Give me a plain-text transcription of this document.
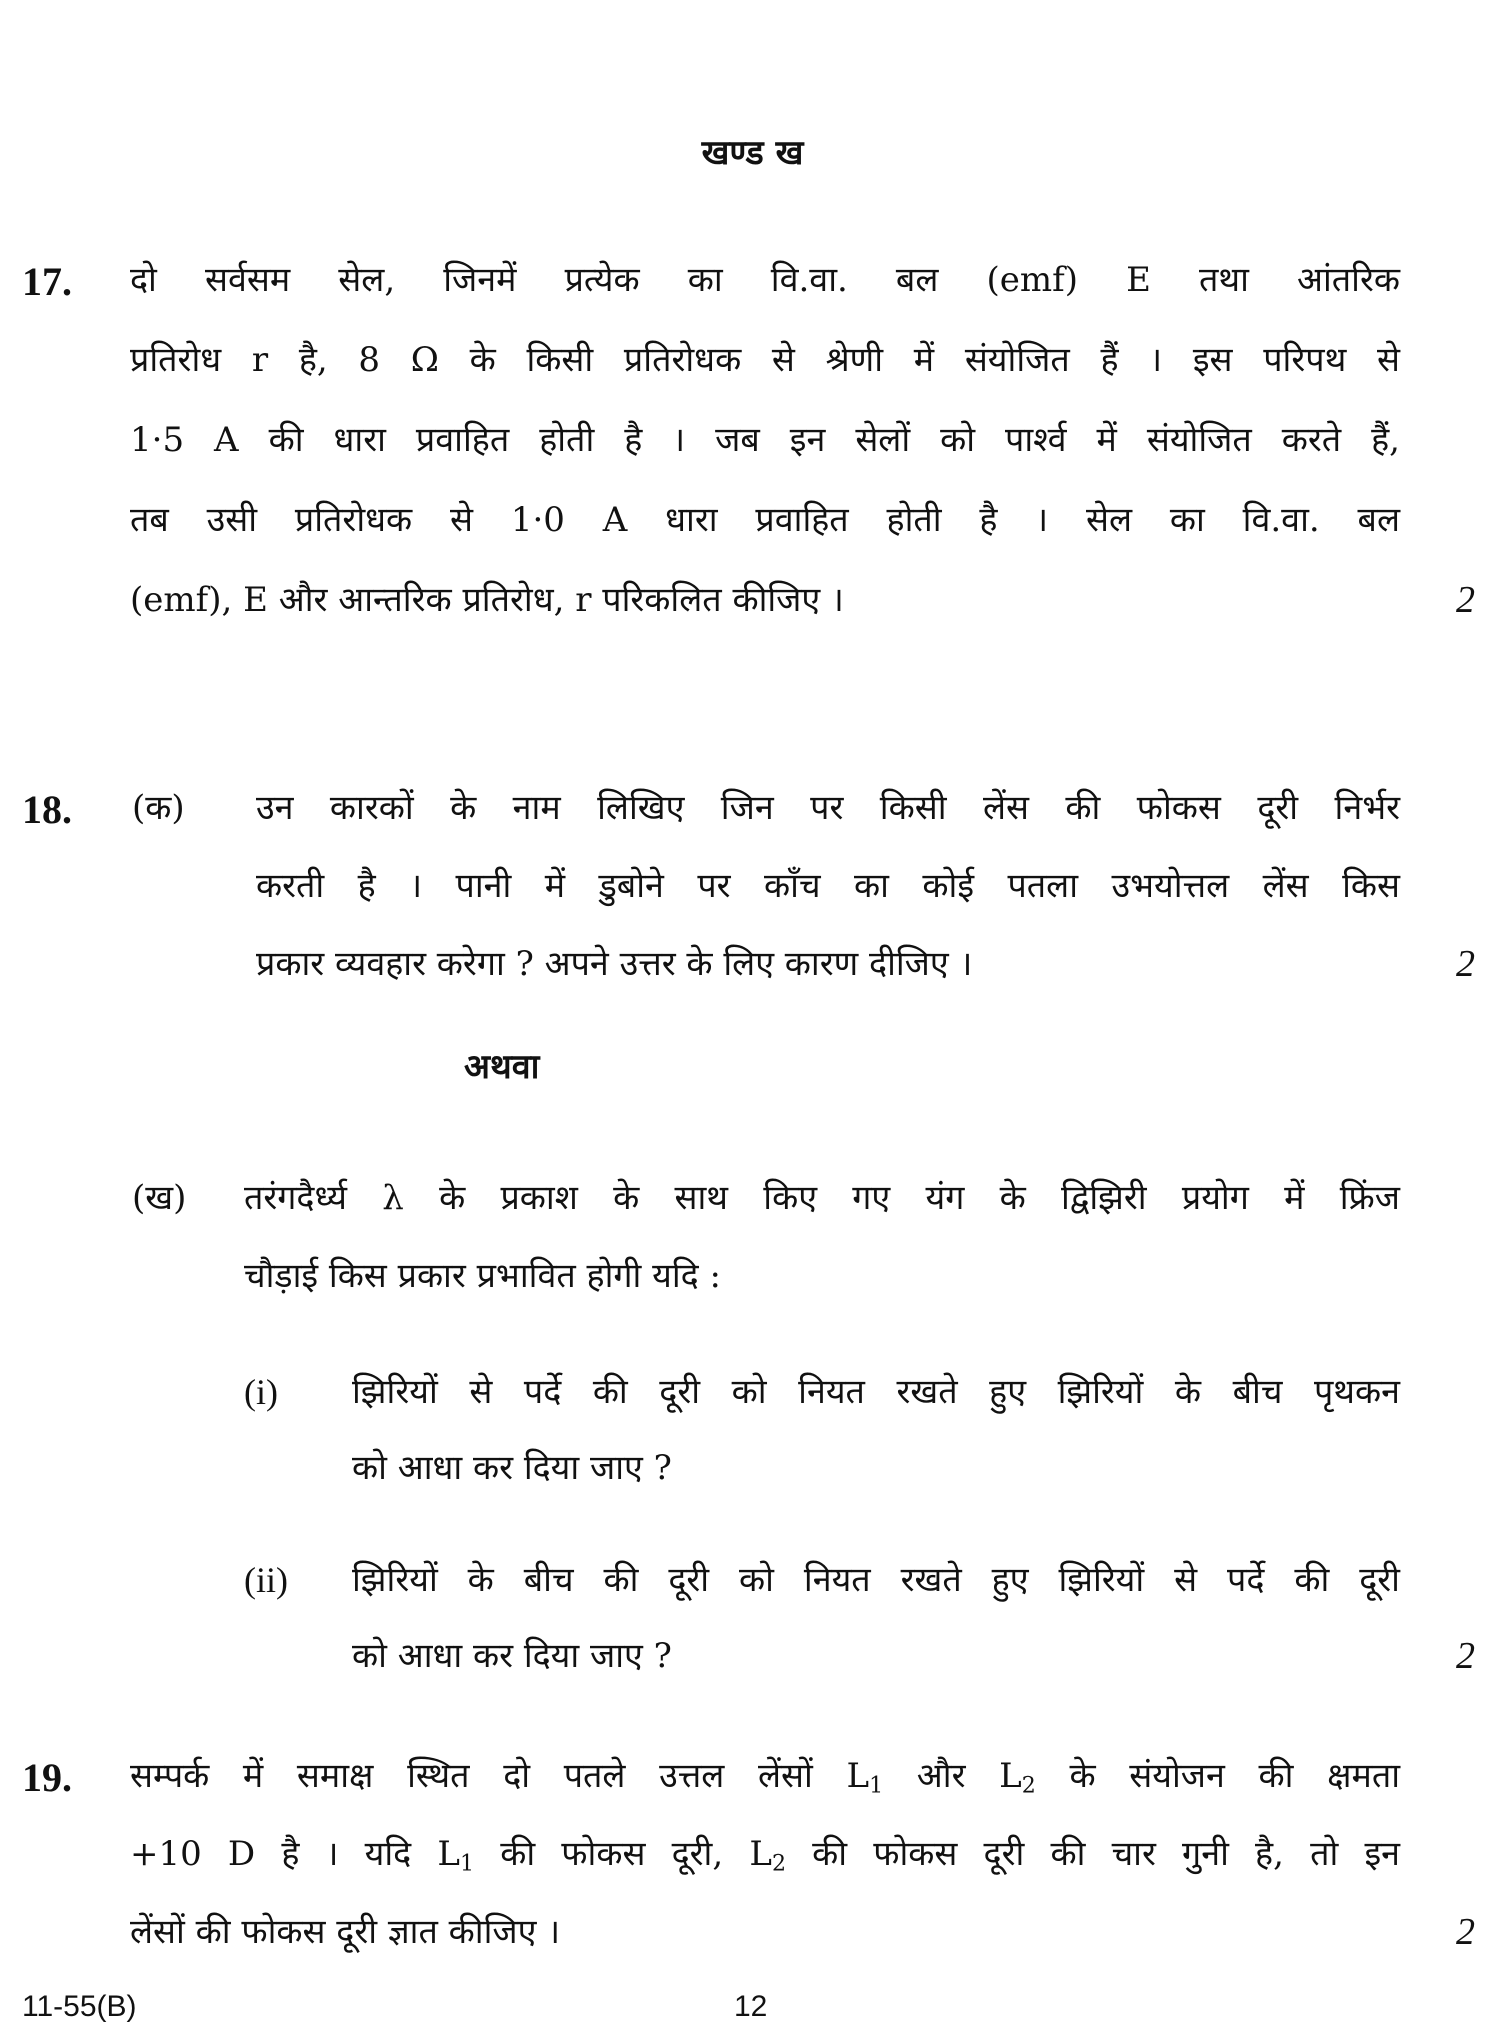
खण्ड ख
17. दो सर्वसम सेल, जिनमें प्रत्येक का वि.वा. बल (emf) E तथा आंतरिक
प्रतिरोध r है, 8 Ω के किसी प्रतिरोधक से श्रेणी में संयोजित हैं । इस परिपथ से
1·5 A की धारा प्रवाहित होती है । जब इन सेलों को पार्श्व में संयोजित करते हैं,
तब उसी प्रतिरोधक से 1·0 A धारा प्रवाहित होती है । सेल का वि.वा. बल
(emf), E और आन्तरिक प्रतिरोध, r परिकलित कीजिए ।	2
18. (क) उन कारकों के नाम लिखिए जिन पर किसी लेंस की फोकस दूरी निर्भर
करती है । पानी में डुबोने पर काँच का कोई पतला उभयोत्तल लेंस किस
प्रकार व्यवहार करेगा ? अपने उत्तर के लिए कारण दीजिए ।	2
अथवा
(ख) तरंगदैर्ध्य λ के प्रकाश के साथ किए गए यंग के द्विझिरी प्रयोग में फ्रिंज
चौड़ाई किस प्रकार प्रभावित होगी यदि :
(i) झिरियों से पर्दे की दूरी को नियत रखते हुए झिरियों के बीच पृथकन
को आधा कर दिया जाए ?
(ii) झिरियों के बीच की दूरी को नियत रखते हुए झिरियों से पर्दे की दूरी
को आधा कर दिया जाए ?	2
19. सम्पर्क में समाक्ष स्थित दो पतले उत्तल लेंसों $L_1$ और $L_2$ के संयोजन की क्षमता
+10 D है । यदि $L_1$ की फोकस दूरी, $L_2$ की फोकस दूरी की चार गुनी है, तो इन
लेंसों की फोकस दूरी ज्ञात कीजिए ।	2
11-55(B)	12
